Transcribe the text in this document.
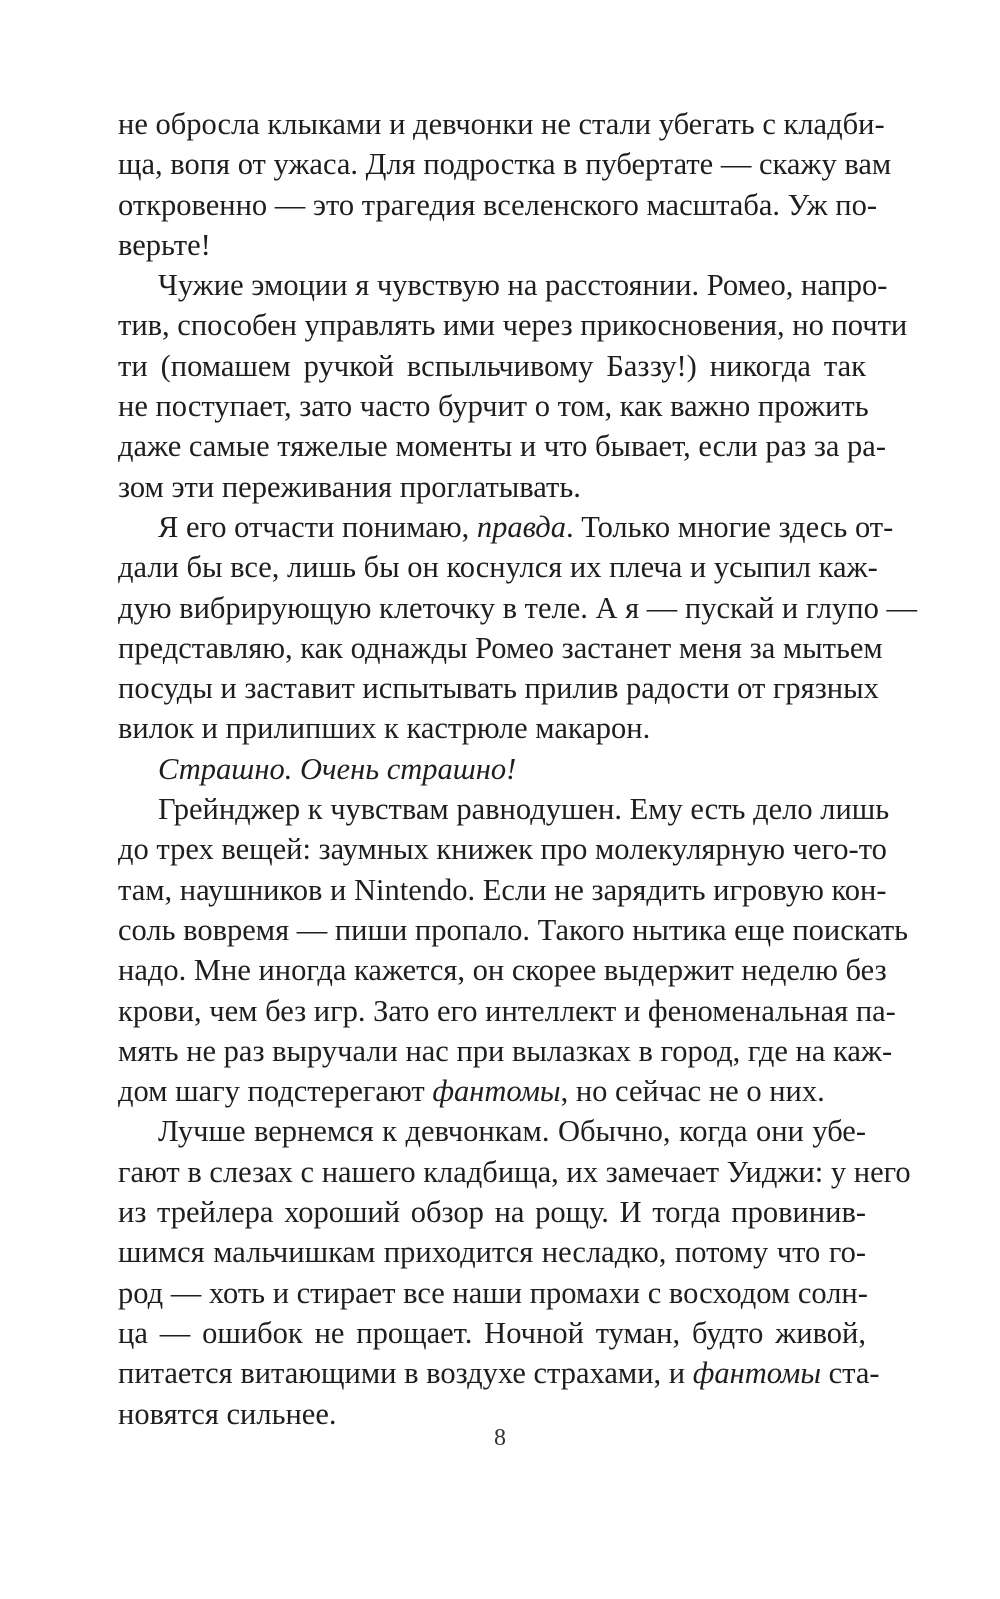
не обросла клыками и девчонки не стали убегать с кладби-
ща, вопя от ужаса. Для подростка в пубертате — скажу вам
откровенно — это трагедия вселенского масштаба. Уж по-
верьте!
Чужие эмоции я чувствую на расстоянии. Ромео, напро-
тив, способен управлять ими через прикосновения, но почти
ти (помашем ручкой вспыльчивому Баззу!) никогда так
не поступает, зато часто бурчит о том, как важно прожить
даже самые тяжелые моменты и что бывает, если раз за ра-
зом эти переживания проглатывать.
Я его отчасти понимаю, правда. Только многие здесь от-
дали бы все, лишь бы он коснулся их плеча и усыпил каж-
дую вибрирующую клеточку в теле. А я — пускай и глупо —
представляю, как однажды Ромео застанет меня за мытьем
посуды и заставит испытывать прилив радости от грязных
вилок и прилипших к кастрюле макарон.
Страшно. Очень страшно!
Грейнджер к чувствам равнодушен. Ему есть дело лишь
до трех вещей: заумных книжек про молекулярную чего-то
там, наушников и Nintendo. Если не зарядить игровую кон-
соль вовремя — пиши пропало. Такого нытика еще поискать
надо. Мне иногда кажется, он скорее выдержит неделю без
крови, чем без игр. Зато его интеллект и феноменальная па-
мять не раз выручали нас при вылазках в город, где на каж-
дом шагу подстерегают фантомы, но сейчас не о них.
Лучше вернемся к девчонкам. Обычно, когда они убе-
гают в слезах с нашего кладбища, их замечает Уиджи: у него
из трейлера хороший обзор на рощу. И тогда провинив-
шимся мальчишкам приходится несладко, потому что го-
род — хоть и стирает все наши промахи с восходом солн-
ца — ошибок не прощает. Ночной туман, будто живой,
питается витающими в воздухе страхами, и фантомы ста-
новятся сильнее.
8
